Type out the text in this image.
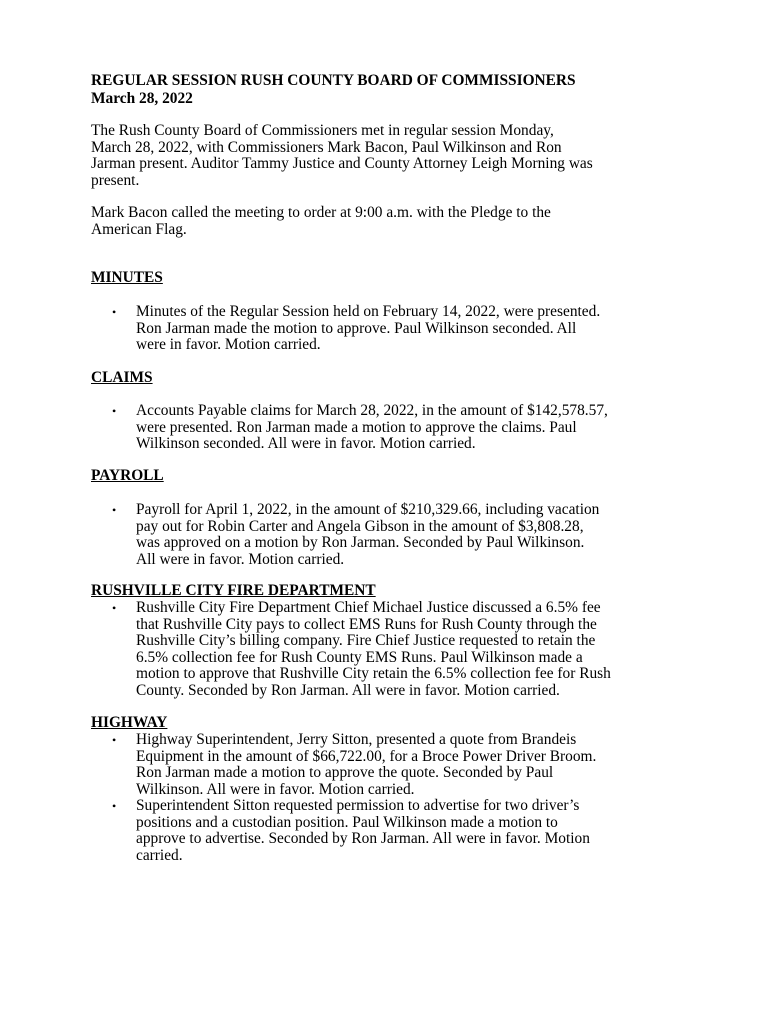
REGULAR SESSION RUSH COUNTY BOARD OF COMMISSIONERS
March 28, 2022

The Rush County Board of Commissioners met in regular session Monday,
March 28, 2022, with Commissioners Mark Bacon, Paul Wilkinson and Ron
Jarman present. Auditor Tammy Justice and County Attorney Leigh Morning was
present.

Mark Bacon called the meeting to order at 9:00 a.m. with the Pledge to the
American Flag.

MINUTES
• Minutes of the Regular Session held on February 14, 2022, were presented.
Ron Jarman made the motion to approve. Paul Wilkinson seconded. All
were in favor. Motion carried.
CLAIMS
• Accounts Payable claims for March 28, 2022, in the amount of $142,578.57,
were presented. Ron Jarman made a motion to approve the claims. Paul
Wilkinson seconded. All were in favor. Motion carried.
PAYROLL
• Payroll for April 1, 2022, in the amount of $210,329.66, including vacation
pay out for Robin Carter and Angela Gibson in the amount of $3,808.28,
was approved on a motion by Ron Jarman. Seconded by Paul Wilkinson.
All were in favor. Motion carried.
RUSHVILLE CITY FIRE DEPARTMENT
• Rushville City Fire Department Chief Michael Justice discussed a 6.5% fee
that Rushville City pays to collect EMS Runs for Rush County through the
Rushville City’s billing company. Fire Chief Justice requested to retain the
6.5% collection fee for Rush County EMS Runs. Paul Wilkinson made a
motion to approve that Rushville City retain the 6.5% collection fee for Rush
County. Seconded by Ron Jarman. All were in favor. Motion carried.
HIGHWAY
• Highway Superintendent, Jerry Sitton, presented a quote from Brandeis
Equipment in the amount of $66,722.00, for a Broce Power Driver Broom.
Ron Jarman made a motion to approve the quote. Seconded by Paul
Wilkinson. All were in favor. Motion carried.
• Superintendent Sitton requested permission to advertise for two driver’s
positions and a custodian position. Paul Wilkinson made a motion to
approve to advertise. Seconded by Ron Jarman. All were in favor. Motion
carried.
